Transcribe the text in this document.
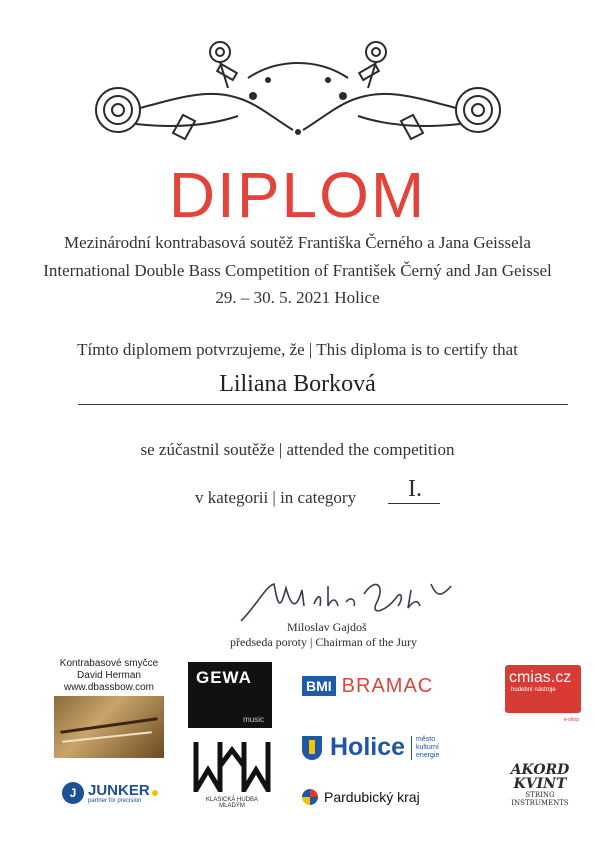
DIPLOM
Mezinárodní kontrabasová soutěž Františka Černého a Jana Geissela
International Double Bass Competition of František Černý and Jan Geissel
29. – 30. 5. 2021 Holice
Tímto diplomem potvrzujeme, že | This diploma is to certify that
Liliana Borková
se zúčastnil soutěže | attended the competition
v kategorii | in category	I.
Miloslav Gajdoš
předseda poroty | Chairman of the Jury
Kontrabasové smyčce
David Herman
www.dbassbow.com
GEWA
music
BMI BRAMAC	cmias.cz
hudební nástroje
e-shop
J JUNKER
partner for precision	KLASICKÁ HUDBA
MLADÝM
Holice město
kulturní
energie
Pardubický kraj
AKORD
KVINT
STRING INSTRUMENTS
